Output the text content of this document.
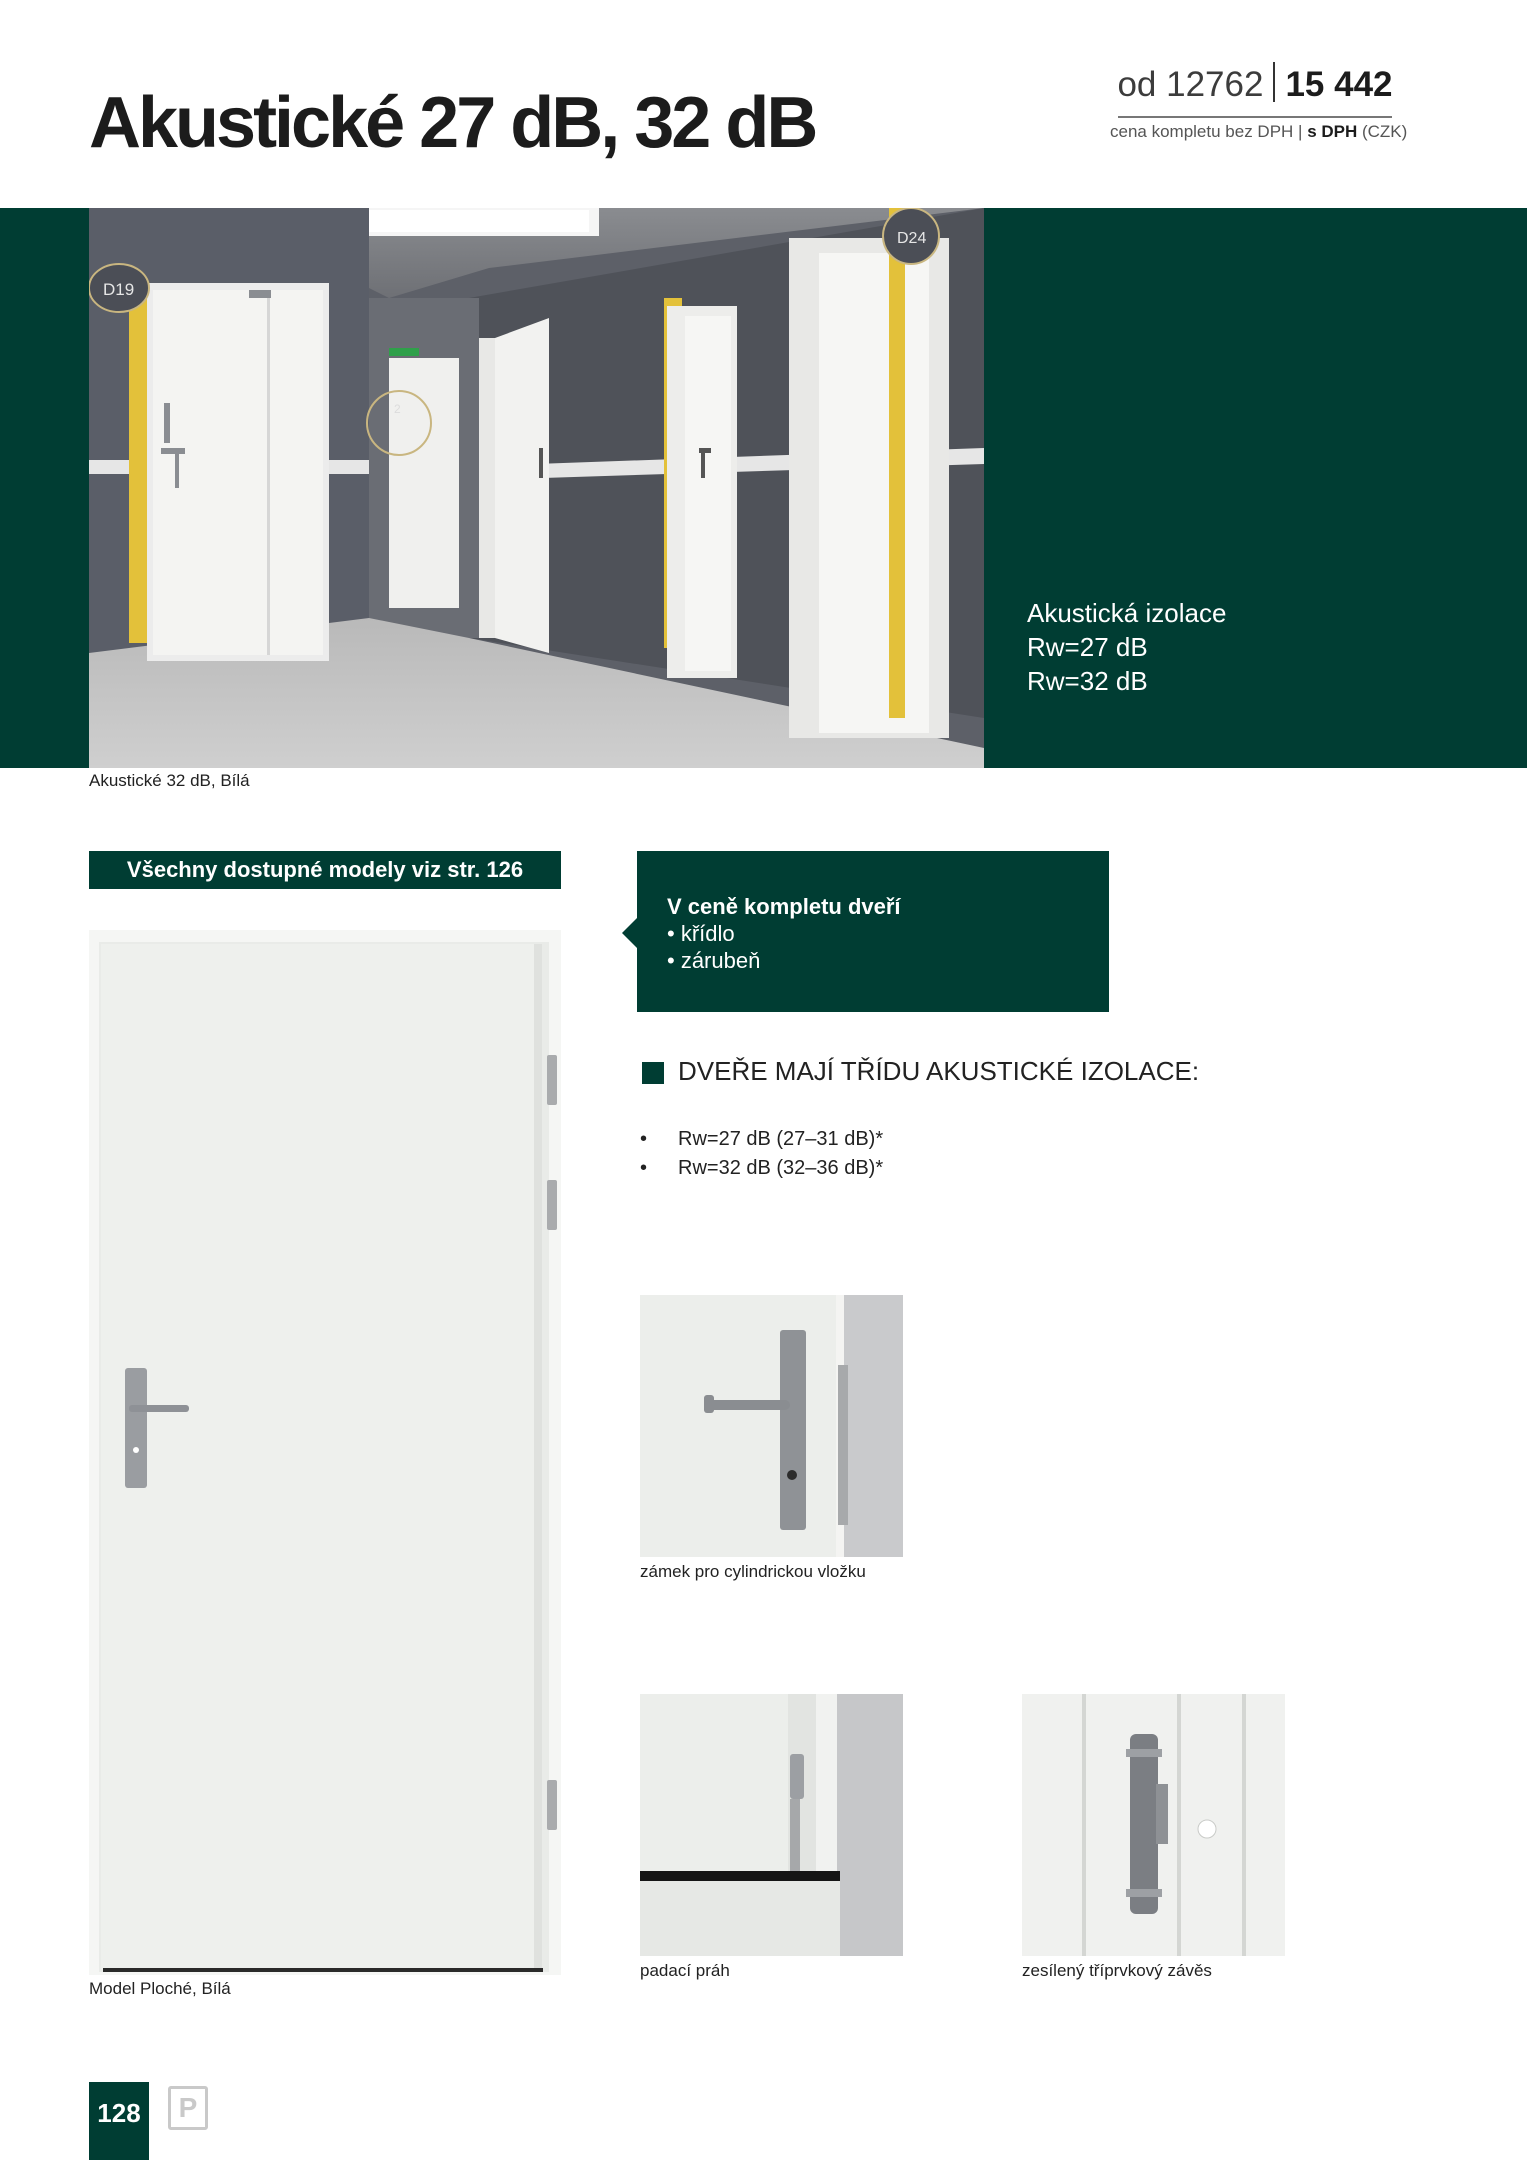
Akustické 27 dB, 32 dB	od 12762 15 442
cena kompletu bez DPH | s DPH (CZK)
D19
D24
2
Akustická izolace
Rw=27 dB
Rw=32 dB
Akustické 32 dB, Bílá
Všechny dostupné modely viz str. 126
Model Ploché, Bílá
V ceně kompletu dveří
• křídlo
• zárubeň
DVEŘE MAJÍ TŘÍDU AKUSTICKÉ IZOLACE:
• Rw=27 dB (27–31 dB)*
• Rw=32 dB (32–36 dB)*
zámek pro cylindrickou vložku
padací práh	zesílený tříprvkový závěs
128	P
